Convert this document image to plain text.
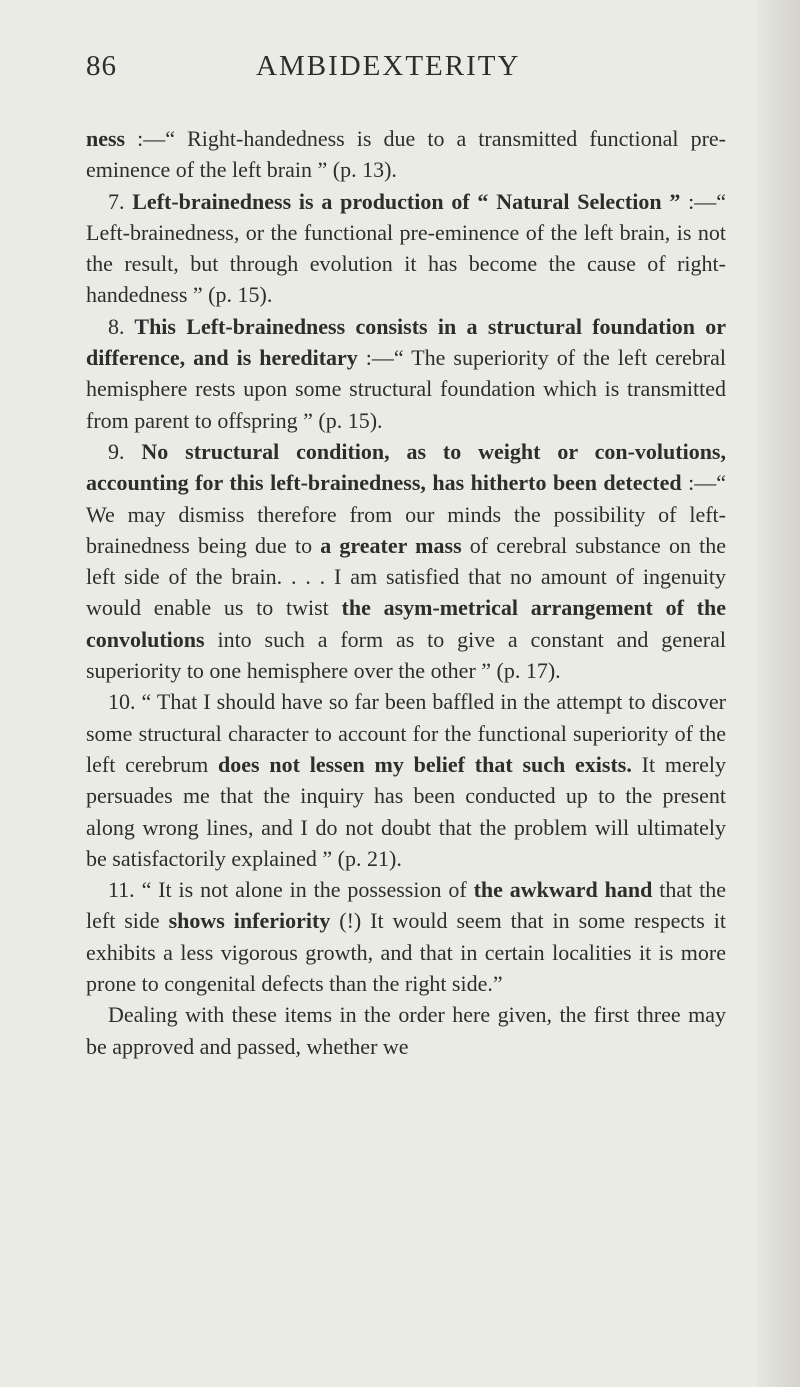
86	AMBIDEXTERITY

ness :—“ Right-handedness is due to a transmitted functional pre-eminence of the left brain ” (p. 13).

7. Left-brainedness is a production of “ Natural Selection ” :—“ Left-brainedness, or the functional pre-eminence of the left brain, is not the result, but through evolution it has become the cause of right-handedness ” (p. 15).

8. This Left-brainedness consists in a structural foundation or difference, and is hereditary :—“ The superiority of the left cerebral hemisphere rests upon some structural foundation which is transmitted from parent to offspring ” (p. 15).

9. No structural condition, as to weight or con-volutions, accounting for this left-brainedness, has hitherto been detected :—“ We may dismiss therefore from our minds the possibility of left-brainedness being due to a greater mass of cerebral substance on the left side of the brain. . . . I am satisfied that no amount of ingenuity would enable us to twist the asym-metrical arrangement of the convolutions into such a form as to give a constant and general superiority to one hemisphere over the other ” (p. 17).

10. “ That I should have so far been baffled in the attempt to discover some structural character to account for the functional superiority of the left cerebrum does not lessen my belief that such exists. It merely persuades me that the inquiry has been conducted up to the present along wrong lines, and I do not doubt that the problem will ultimately be satisfactorily explained ” (p. 21).

11. “ It is not alone in the possession of the awkward hand that the left side shows inferiority (!) It would seem that in some respects it exhibits a less vigorous growth, and that in certain localities it is more prone to congenital defects than the right side.”

Dealing with these items in the order here given, the first three may be approved and passed, whether we
